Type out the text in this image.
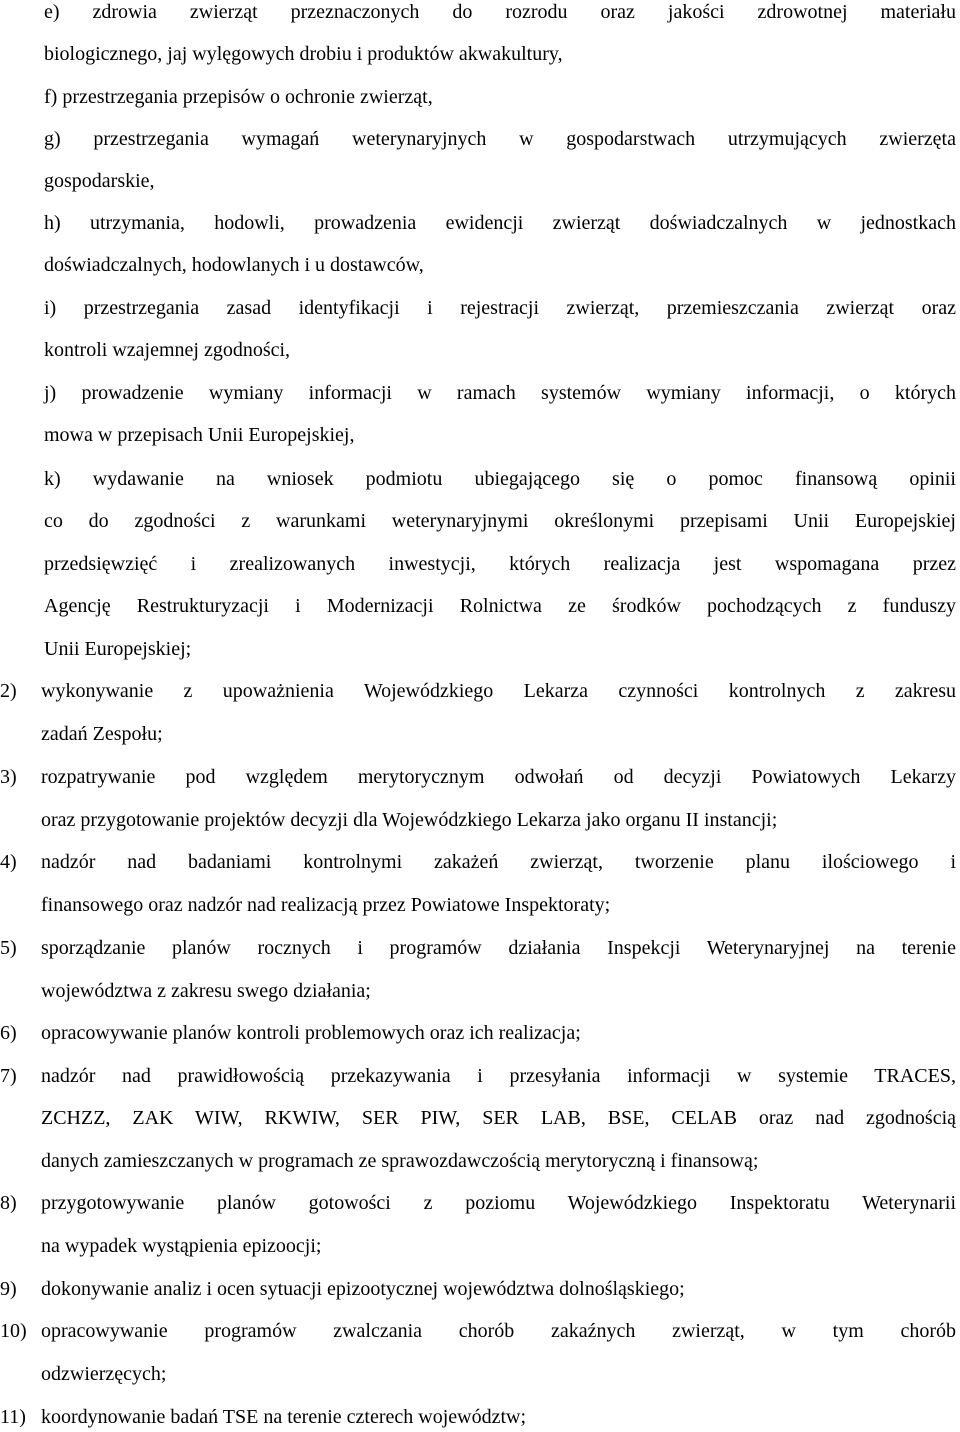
e) zdrowia zwierząt przeznaczonych do rozrodu oraz jakości zdrowotnej materiału
biologicznego, jaj wylęgowych drobiu i produktów akwakultury,
f) przestrzegania przepisów o ochronie zwierząt,
g) przestrzegania wymagań weterynaryjnych w gospodarstwach utrzymujących zwierzęta
gospodarskie,
h) utrzymania, hodowli, prowadzenia ewidencji zwierząt doświadczalnych w jednostkach
doświadczalnych, hodowlanych i u dostawców,
i) przestrzegania zasad identyfikacji i rejestracji zwierząt, przemieszczania zwierząt oraz
kontroli wzajemnej zgodności,
j) prowadzenie wymiany informacji w ramach systemów wymiany informacji, o których
mowa w przepisach Unii Europejskiej,
k) wydawanie na wniosek podmiotu ubiegającego się o pomoc finansową opinii
co do zgodności z warunkami weterynaryjnymi określonymi przepisami Unii Europejskiej
przedsięwzięć i zrealizowanych inwestycji, których realizacja jest wspomagana przez
Agencję Restrukturyzacji i Modernizacji Rolnictwa ze środków pochodzących z funduszy
Unii Europejskiej;
2)	wykonywanie z upoważnienia Wojewódzkiego Lekarza czynności kontrolnych z zakresu
zadań Zespołu;
3)	rozpatrywanie pod względem merytorycznym odwołań od decyzji Powiatowych Lekarzy
oraz przygotowanie projektów decyzji dla Wojewódzkiego Lekarza jako organu II instancji;
4)	nadzór nad badaniami kontrolnymi zakażeń zwierząt, tworzenie planu ilościowego i
finansowego oraz nadzór nad realizacją przez Powiatowe Inspektoraty;
5)	sporządzanie planów rocznych i programów działania Inspekcji Weterynaryjnej na terenie
województwa z zakresu swego działania;
6)	opracowywanie planów kontroli problemowych oraz ich realizacja;
7)	nadzór nad prawidłowością przekazywania i przesyłania informacji w systemie TRACES,
ZCHZZ, ZAK WIW, RKWIW, SER PIW, SER LAB, BSE, CELAB oraz nad zgodnością
danych zamieszczanych w programach ze sprawozdawczością merytoryczną i finansową;
8)	przygotowywanie planów gotowości z poziomu Wojewódzkiego Inspektoratu Weterynarii
na wypadek wystąpienia epizoocji;
9)	dokonywanie analiz i ocen sytuacji epizootycznej województwa dolnośląskiego;
10) opracowywanie programów zwalczania chorób zakaźnych zwierząt, w tym chorób
odzwierzęcych;
11) koordynowanie badań TSE na terenie czterech województw;
